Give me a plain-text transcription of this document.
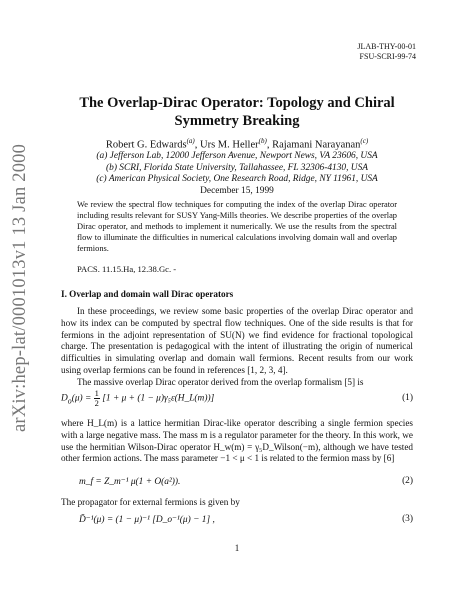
arXiv:hep-lat/0001013v1 13 Jan 2000
JLAB-THY-00-01
FSU-SCRI-99-74
The Overlap-Dirac Operator: Topology and Chiral Symmetry Breaking
Robert G. Edwards$^{(a)}$, Urs M. Heller$^{(b)}$, Rajamani Narayanan$^{(c)}$
(a) Jefferson Lab, 12000 Jefferson Avenue, Newport News, VA 23606, USA
(b) SCRI, Florida State University, Tallahassee, FL 32306-4130, USA
(c) American Physical Society, One Research Road, Ridge, NY 11961, USA
December 15, 1999
We review the spectral flow techniques for computing the index of the overlap Dirac operator including results relevant for SUSY Yang-Mills theories. We describe properties of the overlap Dirac operator, and methods to implement it numerically. We use the results from the spectral flow to illuminate the difficulties in numerical calculations involving domain wall and overlap fermions.
PACS. 11.15.Ha, 12.38.Gc. -
I. Overlap and domain wall Dirac operators

In these proceedings, we review some basic properties of the overlap Dirac operator and how its index can be computed by spectral flow techniques. One of the side results is that for fermions in the adjoint representation of SU(N) we find evidence for fractional topological charge. The presentation is pedagogical with the intent of illustrating the origin of numerical difficulties in simulating overlap and domain wall fermions. Recent results from our work using overlap fermions can be found in references [1, 2, 3, 4].

The massive overlap Dirac operator derived from the overlap formalism [5] is

$D_o(\mu) = \frac{1}{2} [1 + \mu + (1$ − μ)γ₅ε(H_L(m))]	(1)

where H_L(m) is a lattice hermitian Dirac-like operator describing a single fermion species with a large negative mass. The mass m is a regulator parameter for the theory. In this work, we use the hermitian Wilson-Dirac operator H_w(m) = γ₅D_Wilson(−m), although we have tested other fermion actions. The mass parameter −1 < μ < 1 is related to the fermion mass by [6]

m_f = Z_m⁻¹ μ(1 + O(a²)).	(2)

The propagator for external fermions is given by

D̃⁻¹(μ) = (1 − μ)⁻¹ [D_o⁻¹(μ) − 1] ,	(3)
1
